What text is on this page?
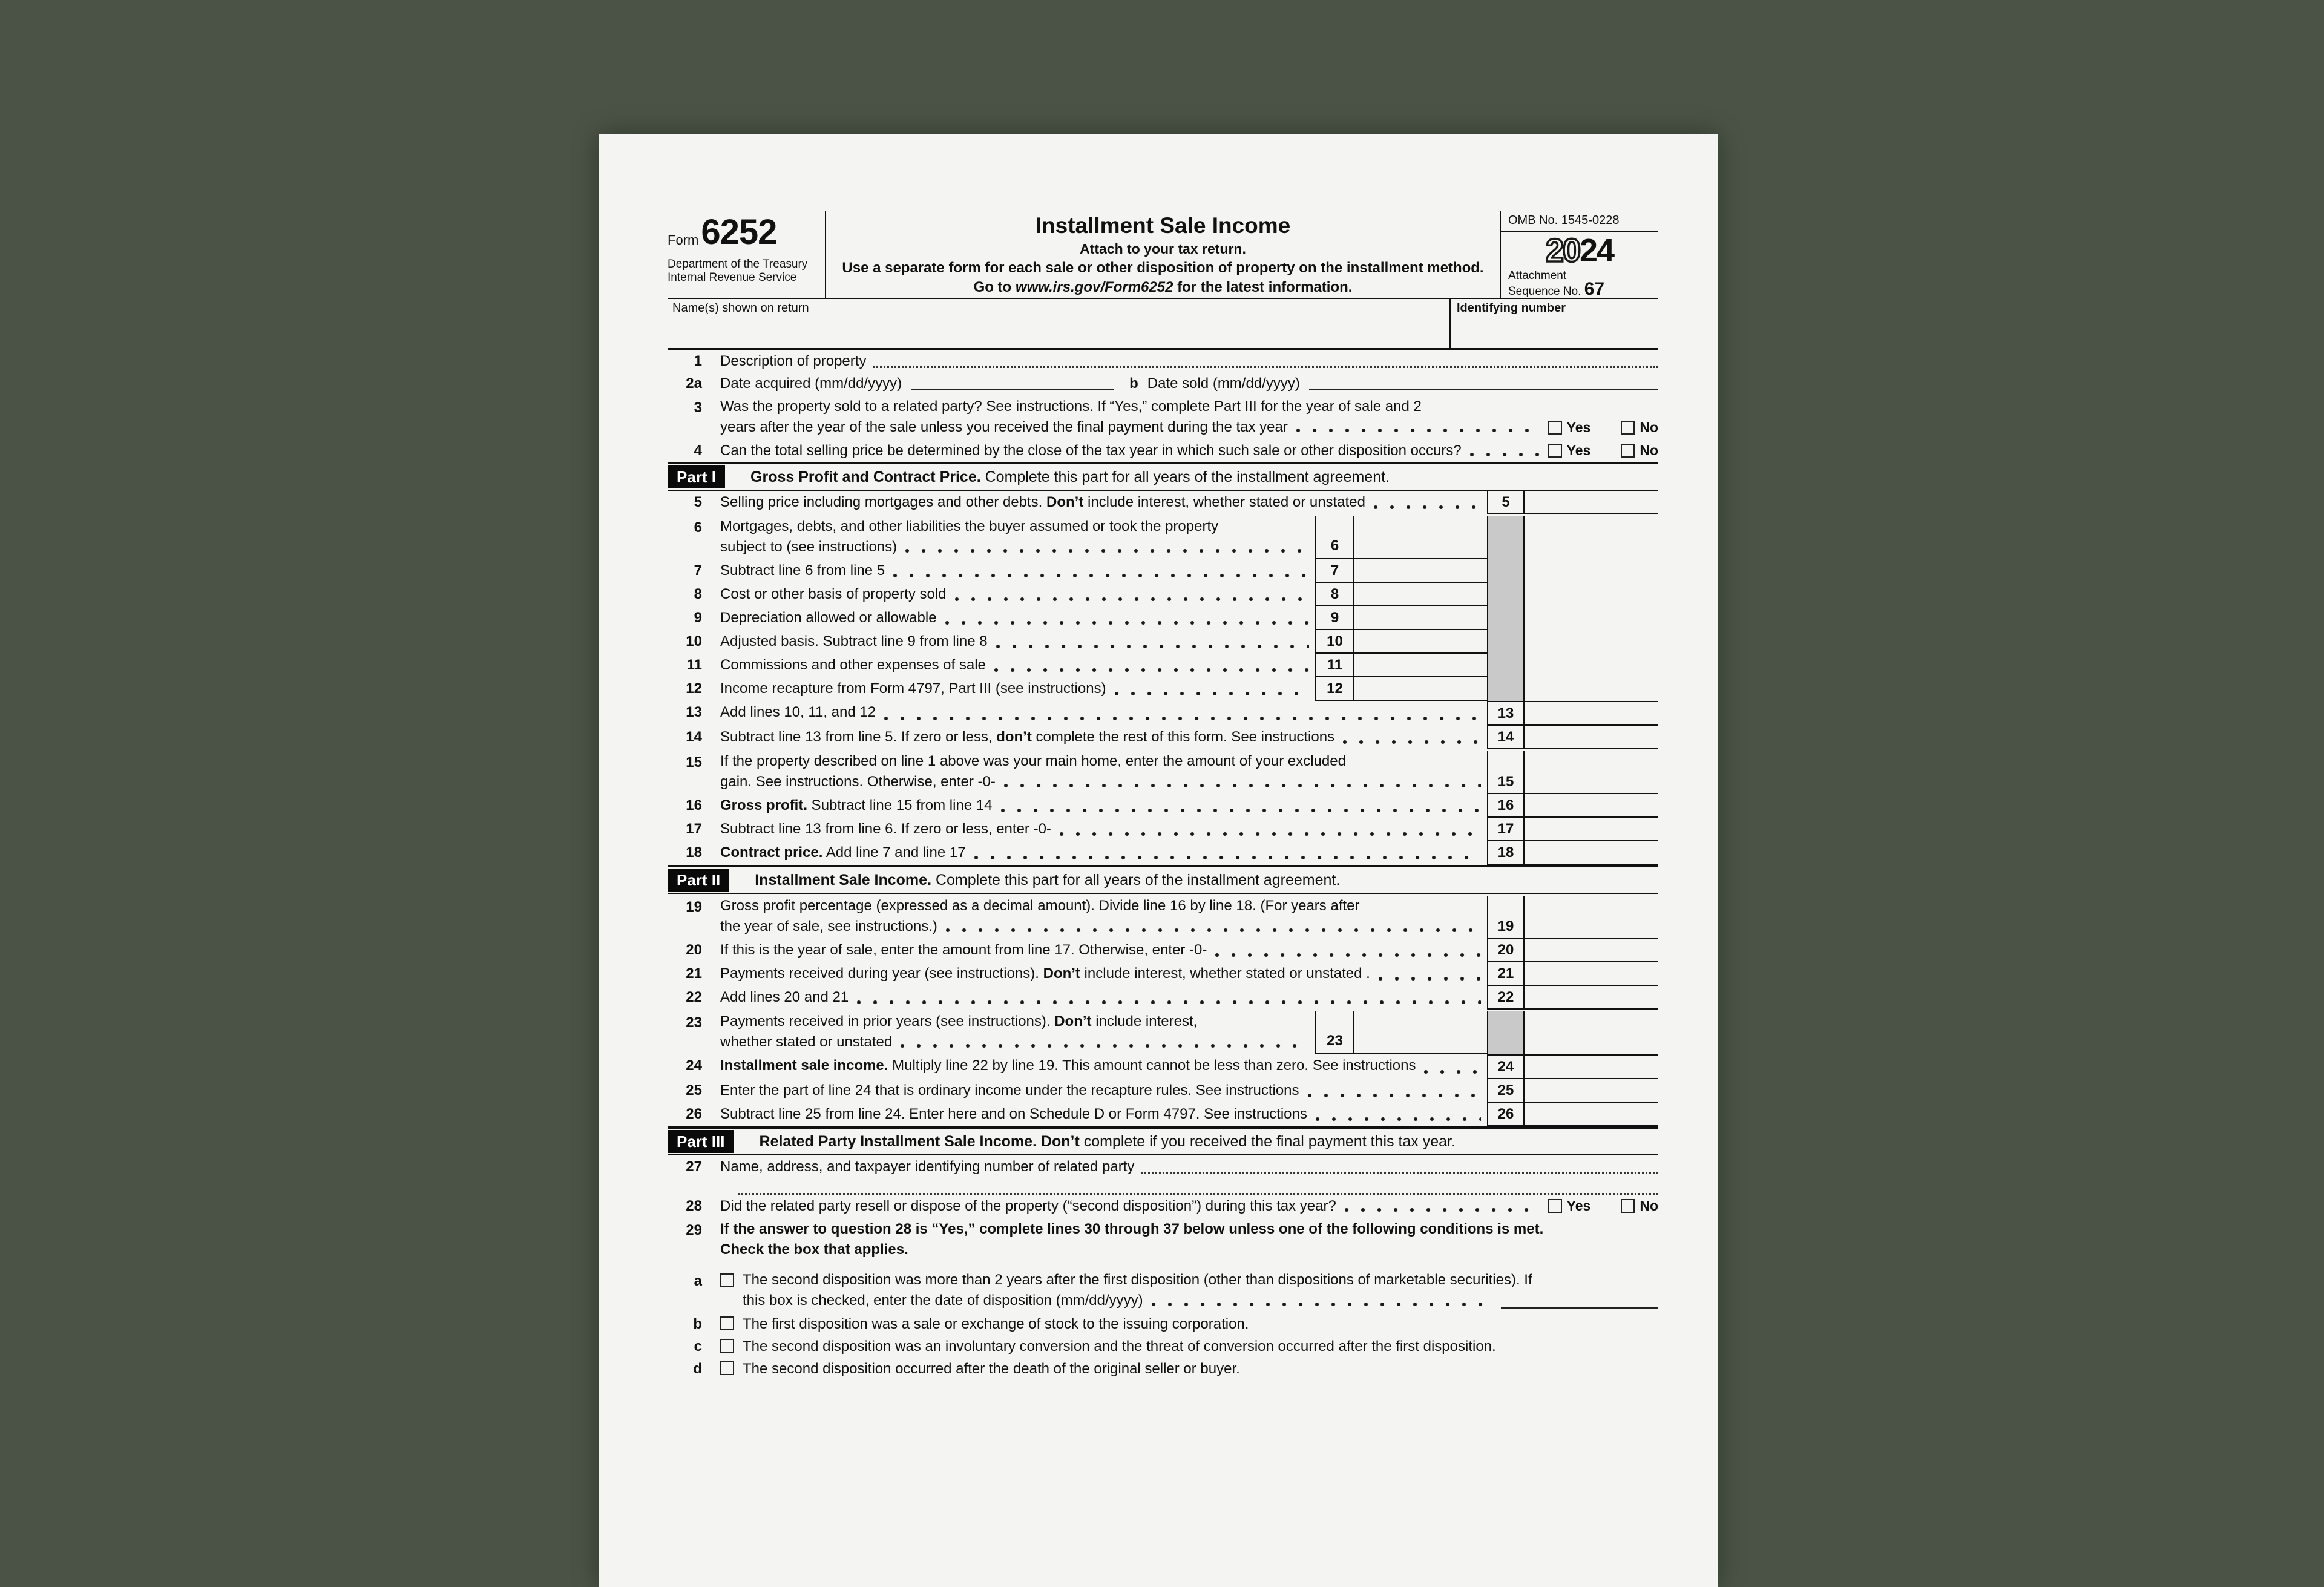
Form 6252
Department of the Treasury
Internal Revenue Service
Installment Sale Income
Attach to your tax return.
Use a separate form for each sale or other disposition of property on the installment method.
Go to www.irs.gov/Form6252 for the latest information.
OMB No. 1545-0228
2024
Attachment
Sequence No. 67
Name(s) shown on return	Identifying number
1 Description of property
2a Date acquired (mm/dd/yyyy)	b Date sold (mm/dd/yyyy)
3 Was the property sold to a related party? See instructions. If “Yes,” complete Part III for the year of sale and 2
years after the year of the sale unless you received the final payment during the tax year	Yes	No
4 Can the total selling price be determined by the close of the tax year in which such sale or other disposition occurs?	Yes	No
Part I	Gross Profit and Contract Price. Complete this part for all years of the installment agreement.
5 Selling price including mortgages and other debts. Don’t include interest, whether stated or unstated	5
6 Mortgages, debts, and other liabilities the buyer assumed or took the property
subject to (see instructions)	6
7 Subtract line 6 from line 5	7
8 Cost or other basis of property sold	8
9 Depreciation allowed or allowable	9
10 Adjusted basis. Subtract line 9 from line 8	10
11 Commissions and other expenses of sale	11
12 Income recapture from Form 4797, Part III (see instructions)	12
13 Add lines 10, 11, and 12	13
14 Subtract line 13 from line 5. If zero or less, don’t complete the rest of this form. See instructions	14
15 If the property described on line 1 above was your main home, enter the amount of your excluded
gain. See instructions. Otherwise, enter -0-	15
16 Gross profit. Subtract line 15 from line 14	16
17 Subtract line 13 from line 6. If zero or less, enter -0-	17
18 Contract price. Add line 7 and line 17	18
Part II	Installment Sale Income. Complete this part for all years of the installment agreement.
19 Gross profit percentage (expressed as a decimal amount). Divide line 16 by line 18. (For years after
the year of sale, see instructions.)	19
20 If this is the year of sale, enter the amount from line 17. Otherwise, enter -0-	20
21 Payments received during year (see instructions). Don’t include interest, whether stated or unstated .	21
22 Add lines 20 and 21	22
23 Payments received in prior years (see instructions). Don’t include interest,
whether stated or unstated	23
24 Installment sale income. Multiply line 22 by line 19. This amount cannot be less than zero. See instructions	24
25 Enter the part of line 24 that is ordinary income under the recapture rules. See instructions	25
26 Subtract line 25 from line 24. Enter here and on Schedule D or Form 4797. See instructions	26
Part III	Related Party Installment Sale Income. Don’t complete if you received the final payment this tax year.
27 Name, address, and taxpayer identifying number of related party
28 Did the related party resell or dispose of the property (“second disposition”) during this tax year?	Yes	No
29 If the answer to question 28 is “Yes,” complete lines 30 through 37 below unless one of the following conditions is met.
Check the box that applies.
a	The second disposition was more than 2 years after the first disposition (other than dispositions of marketable securities). If
this box is checked, enter the date of disposition (mm/dd/yyyy)
b	The first disposition was a sale or exchange of stock to the issuing corporation.
c	The second disposition was an involuntary conversion and the threat of conversion occurred after the first disposition.
d	The second disposition occurred after the death of the original seller or buyer.
